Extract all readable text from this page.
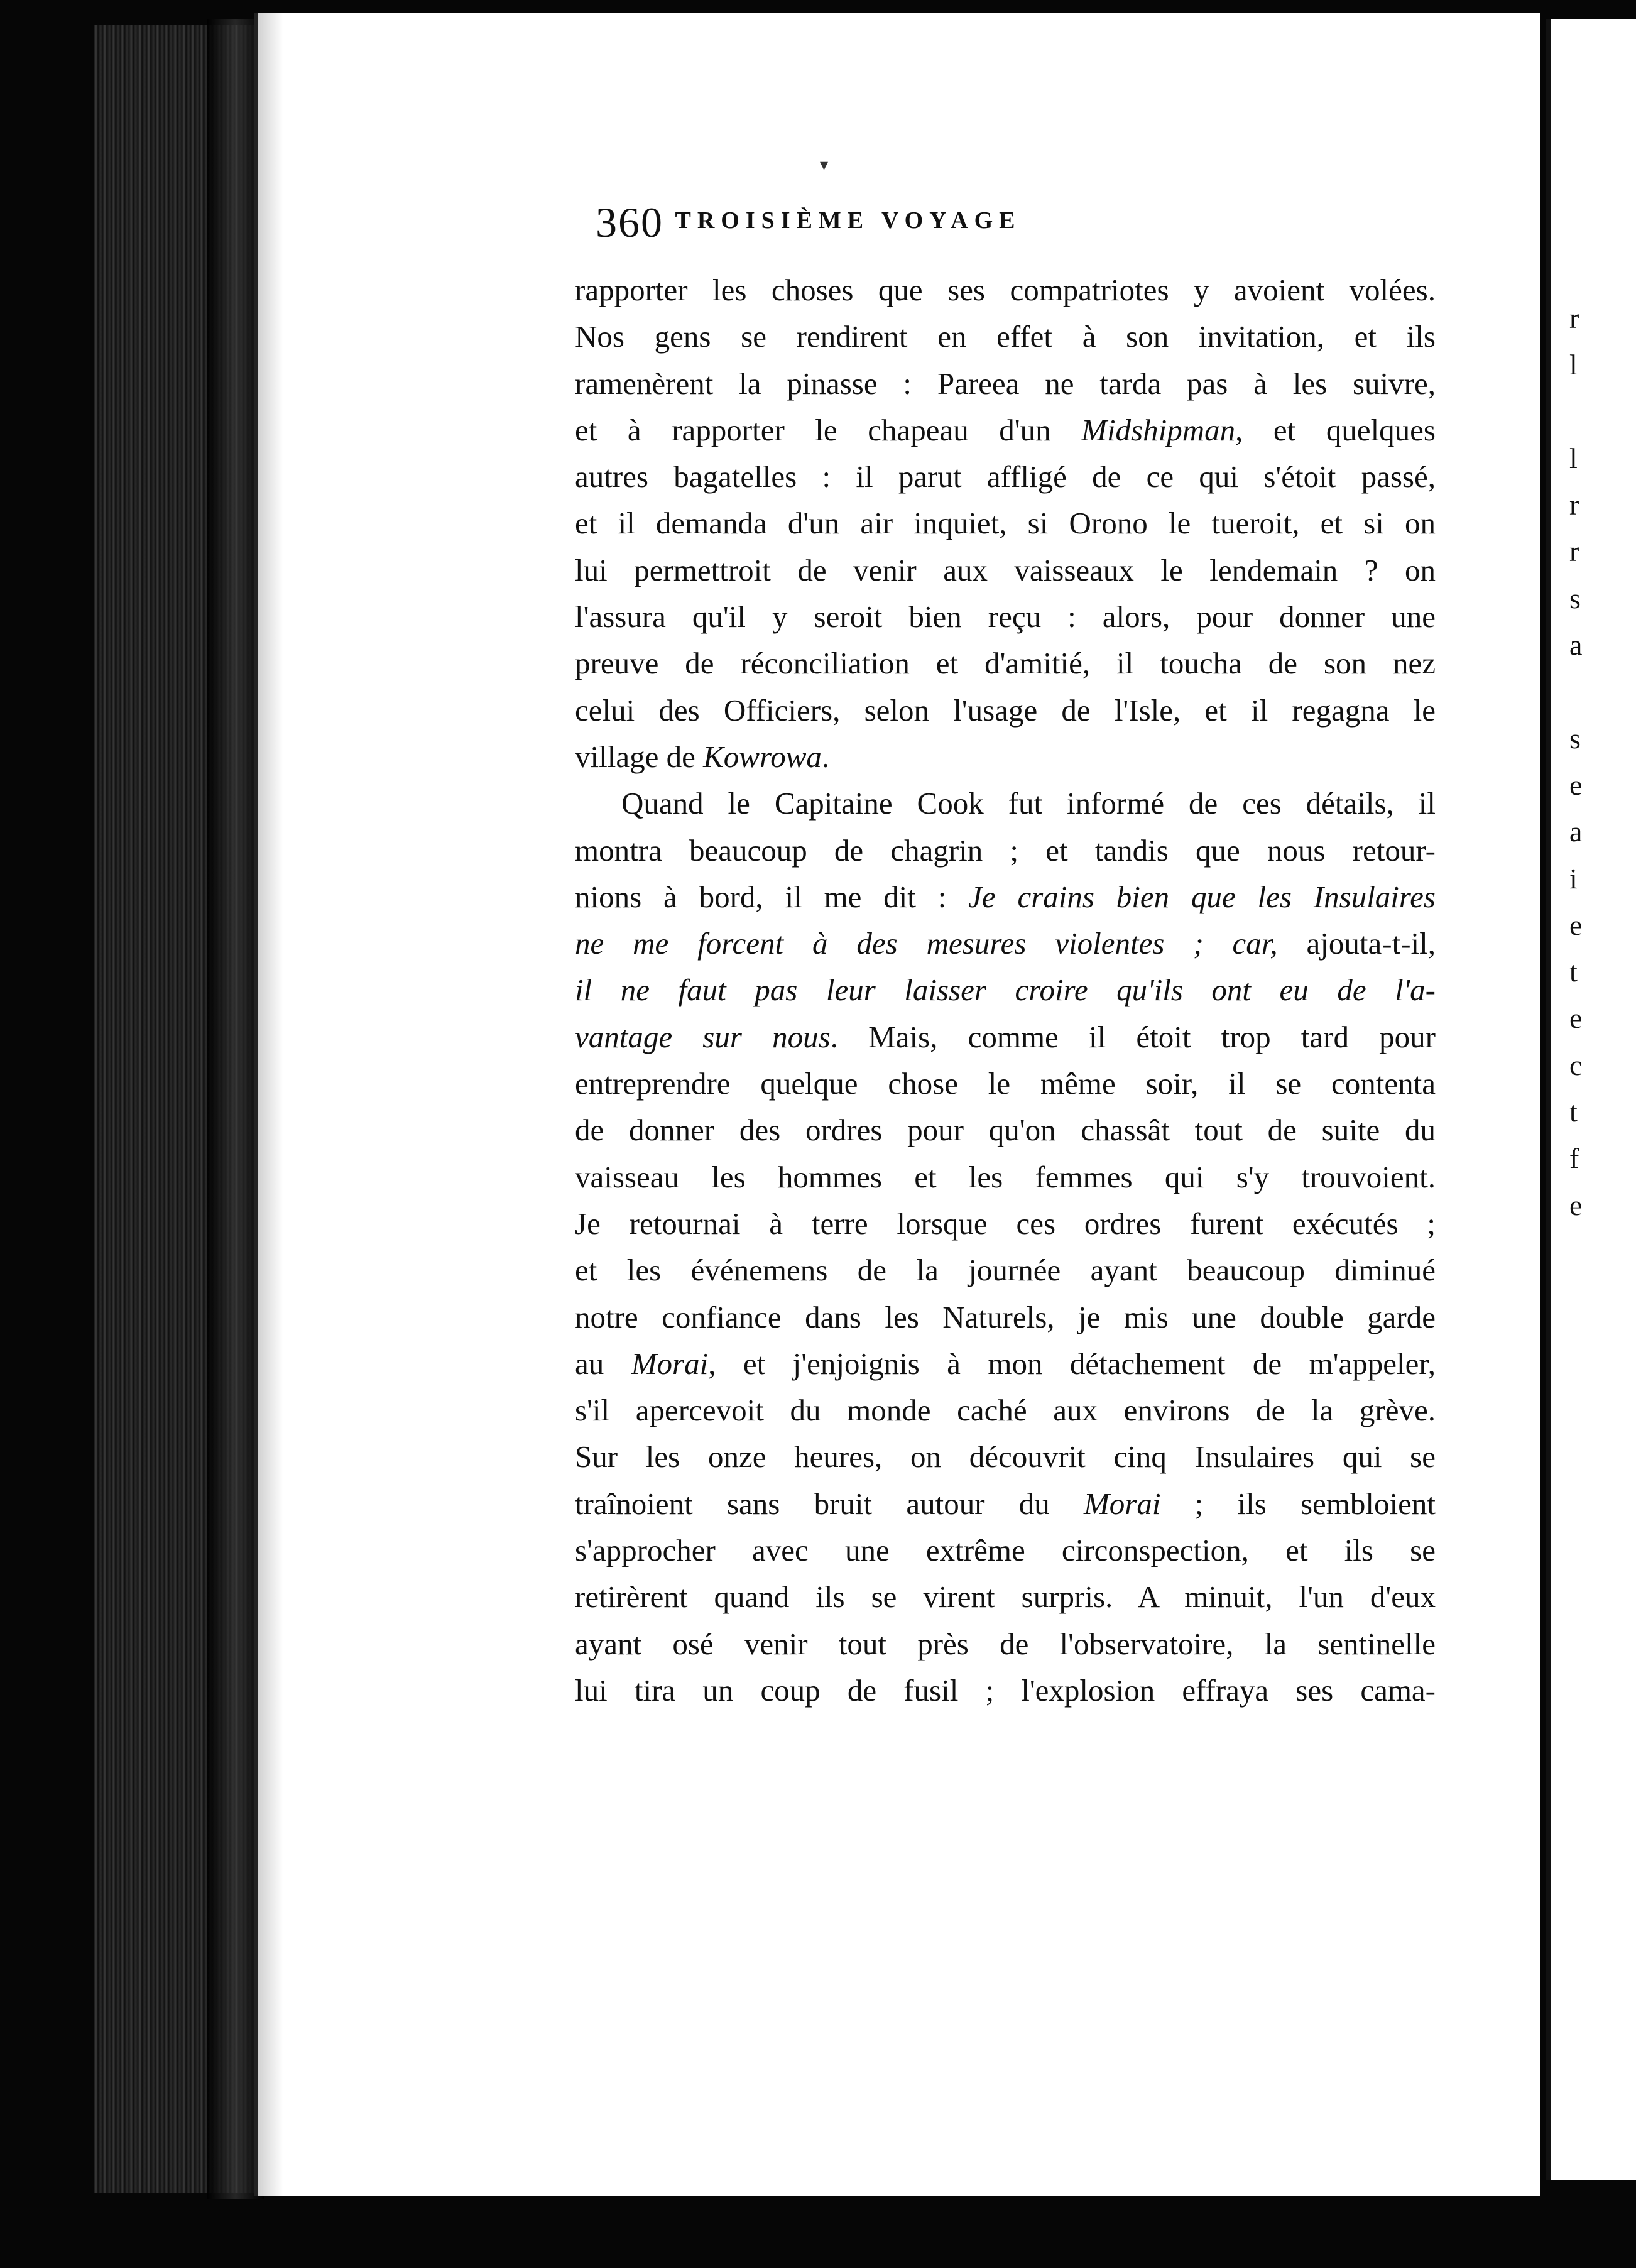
r
l
l
r
r
s
a
s
e
a
i
e
t
e
c
t
f
e
360 TROISIÈME VOYAGE
rapporter les choses que ses compatriotes y avoient volées.
Nos gens se rendirent en effet à son invitation, et ils
ramenèrent la pinasse : Pareea ne tarda pas à les suivre,
et à rapporter le chapeau d'un Midshipman, et quelques
autres bagatelles : il parut affligé de ce qui s'étoit passé,
et il demanda d'un air inquiet, si Orono le tueroit, et si on
lui permettroit de venir aux vaisseaux le lendemain ? on
l'assura qu'il y seroit bien reçu : alors, pour donner une
preuve de réconciliation et d'amitié, il toucha de son nez
celui des Officiers, selon l'usage de l'Isle, et il regagna le
village de Kowrowa.
Quand le Capitaine Cook fut informé de ces détails, il
montra beaucoup de chagrin ; et tandis que nous retour-
nions à bord, il me dit : Je crains bien que les Insulaires
ne me forcent à des mesures violentes ; car, ajouta-t-il,
il ne faut pas leur laisser croire qu'ils ont eu de l'a-
vantage sur nous. Mais, comme il étoit trop tard pour
entreprendre quelque chose le même soir, il se contenta
de donner des ordres pour qu'on chassât tout de suite du
vaisseau les hommes et les femmes qui s'y trouvoient.
Je retournai à terre lorsque ces ordres furent exécutés ;
et les événemens de la journée ayant beaucoup diminué
notre confiance dans les Naturels, je mis une double garde
au Morai, et j'enjoignis à mon détachement de m'appeler,
s'il apercevoit du monde caché aux environs de la grève.
Sur les onze heures, on découvrit cinq Insulaires qui se
traînoient sans bruit autour du Morai ; ils sembloient
s'approcher avec une extrême circonspection, et ils se
retirèrent quand ils se virent surpris. A minuit, l'un d'eux
ayant osé venir tout près de l'observatoire, la sentinelle
lui tira un coup de fusil ; l'explosion effraya ses cama-
▾
